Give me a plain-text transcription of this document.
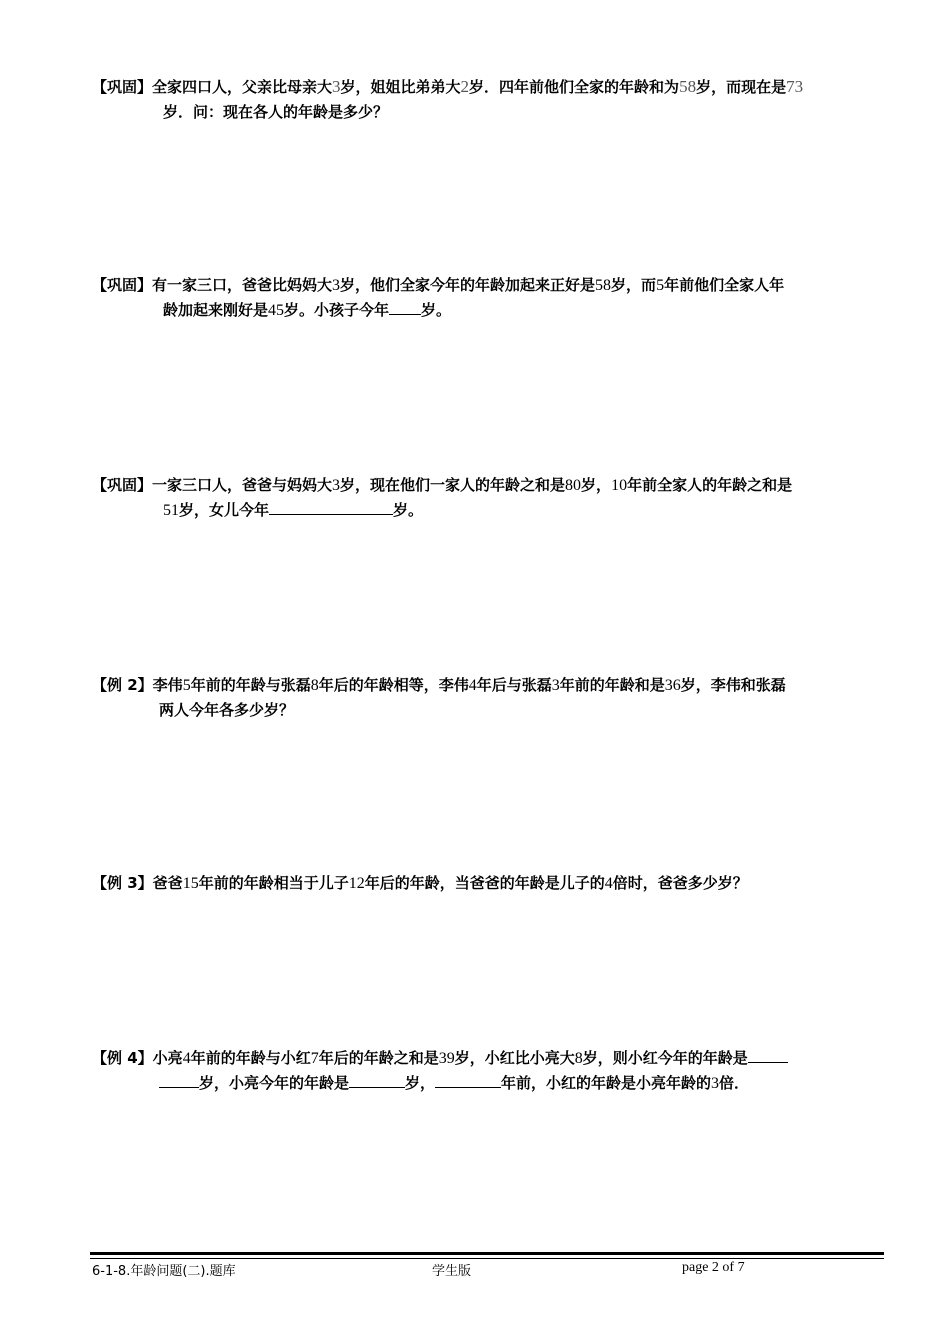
【巩固】全家四口人，父亲比母亲大3岁，姐姐比弟弟大2岁．四年前他们全家的年龄和为58岁，而现在是73
岁．问：现在各人的年龄是多少？
【巩固】有一家三口，爸爸比妈妈大3岁，他们全家今年的年龄加起来正好是58岁，而5年前他们全家人年
龄加起来刚好是45岁。小孩子今年 岁。
【巩固】一家三口人，爸爸与妈妈大3岁，现在他们一家人的年龄之和是80岁，10年前全家人的年龄之和是
51岁，女儿今年	岁。
【例 2】李伟5年前的年龄与张磊8年后的年龄相等，李伟4年后与张磊3年前的年龄和是36岁，李伟和张磊
两人今年各多少岁？
【例 3】爸爸15年前的年龄相当于儿子12年后的年龄，当爸爸的年龄是儿子的4倍时，爸爸多少岁？
【例 4】小亮4年前的年龄与小红7年后的年龄之和是39岁，小红比小亮大8岁，则小红今年的年龄是
岁，小亮今年的年龄是	岁，	年前，小红的年龄是小亮年龄的3倍．
6-1-8.年龄问题(二).题库	学生版	page 2 of 7
